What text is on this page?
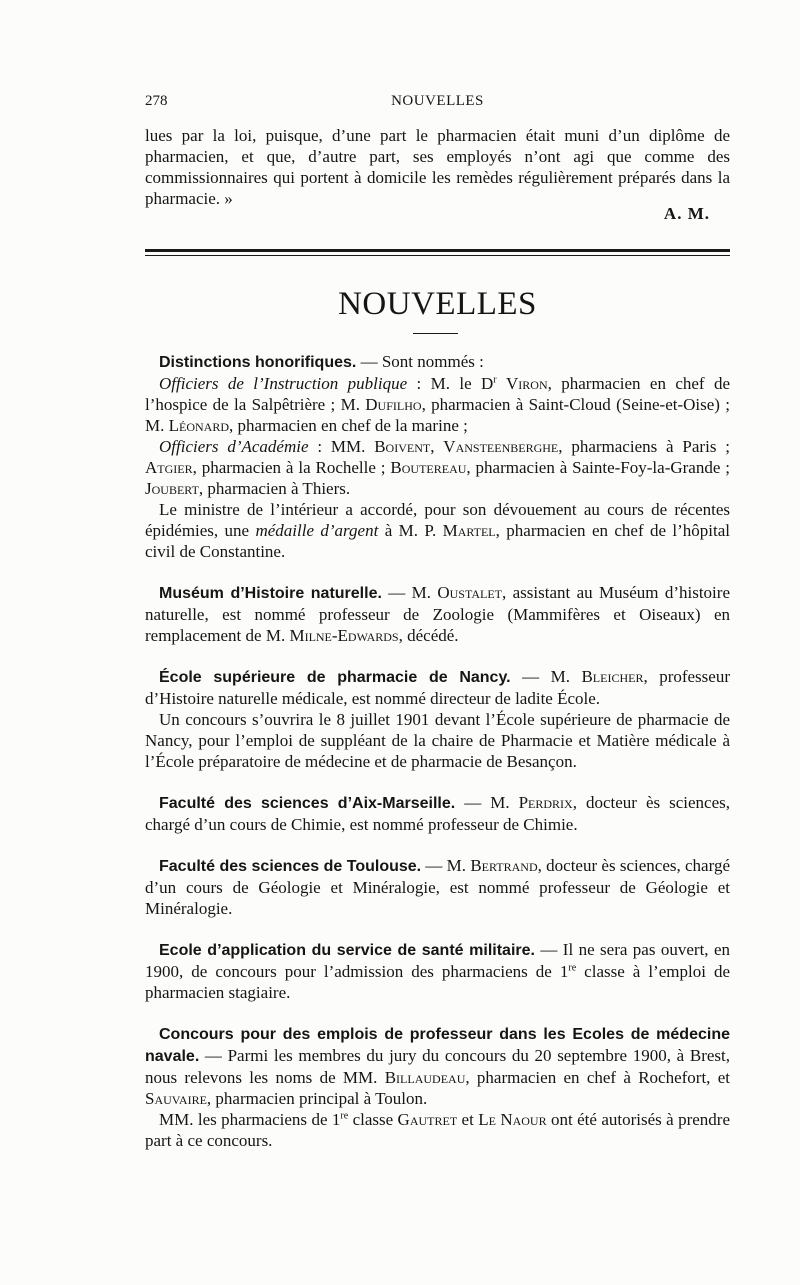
278	NOUVELLES

lues par la loi, puisque, d’une part le pharmacien était muni d’un diplôme de pharmacien, et que, d’autre part, ses employés n’ont agi que comme des commissionnaires qui portent à domicile les remèdes régulièrement préparés dans la pharmacie. »

A. M.
NOUVELLES

Distinctions honorifiques. — Sont nommés :

Officiers de l’Instruction publique : M. le $D^r$ Viron, pharmacien en chef de l’hospice de la Salpêtrière ; M. Dufilho, pharmacien à Saint-Cloud (Seine-et-Oise) ; M. Léonard, pharmacien en chef de la marine ;

Officiers d’Académie : MM. Boivent, Vansteenberghe, pharmaciens à Paris ; Atgier, pharmacien à la Rochelle ; Boutereau, pharmacien à Sainte-Foy-la-Grande ; Joubert, pharmacien à Thiers.

Le ministre de l’intérieur a accordé, pour son dévouement au cours de récentes épidémies, une médaille d’argent à M. P. Martel, pharmacien en chef de l’hôpital civil de Constantine.

Muséum d’Histoire naturelle. — M. Oustalet, assistant au Muséum d’histoire naturelle, est nommé professeur de Zoologie (Mammifères et Oiseaux) en remplacement de M. Milne-Edwards, décédé.

École supérieure de pharmacie de Nancy. — M. Bleicher, professeur d’Histoire naturelle médicale, est nommé directeur de ladite École.

Un concours s’ouvrira le 8 juillet 1901 devant l’École supérieure de pharmacie de Nancy, pour l’emploi de suppléant de la chaire de Pharmacie et Matière médicale à l’École préparatoire de médecine et de pharmacie de Besançon.

Faculté des sciences d’Aix-Marseille. — M. Perdrix, docteur ès sciences, chargé d’un cours de Chimie, est nommé professeur de Chimie.

Faculté des sciences de Toulouse. — M. Bertrand, docteur ès sciences, chargé d’un cours de Géologie et Minéralogie, est nommé professeur de Géologie et Minéralogie.

Ecole d’application du service de santé militaire. — Il ne sera pas ouvert, en 1900, de concours pour l’admission des pharmaciens de 1re classe à l’emploi de pharmacien stagiaire.

Concours pour des emplois de professeur dans les Ecoles de médecine navale. — Parmi les membres du jury du concours du 20 septembre 1900, à Brest, nous relevons les noms de MM. Billaudeau, pharmacien en chef à Rochefort, et Sauvaire, pharmacien principal à Toulon.

MM. les pharmaciens de 1re classe Gautret et Le Naour ont été autorisés à prendre part à ce concours.
